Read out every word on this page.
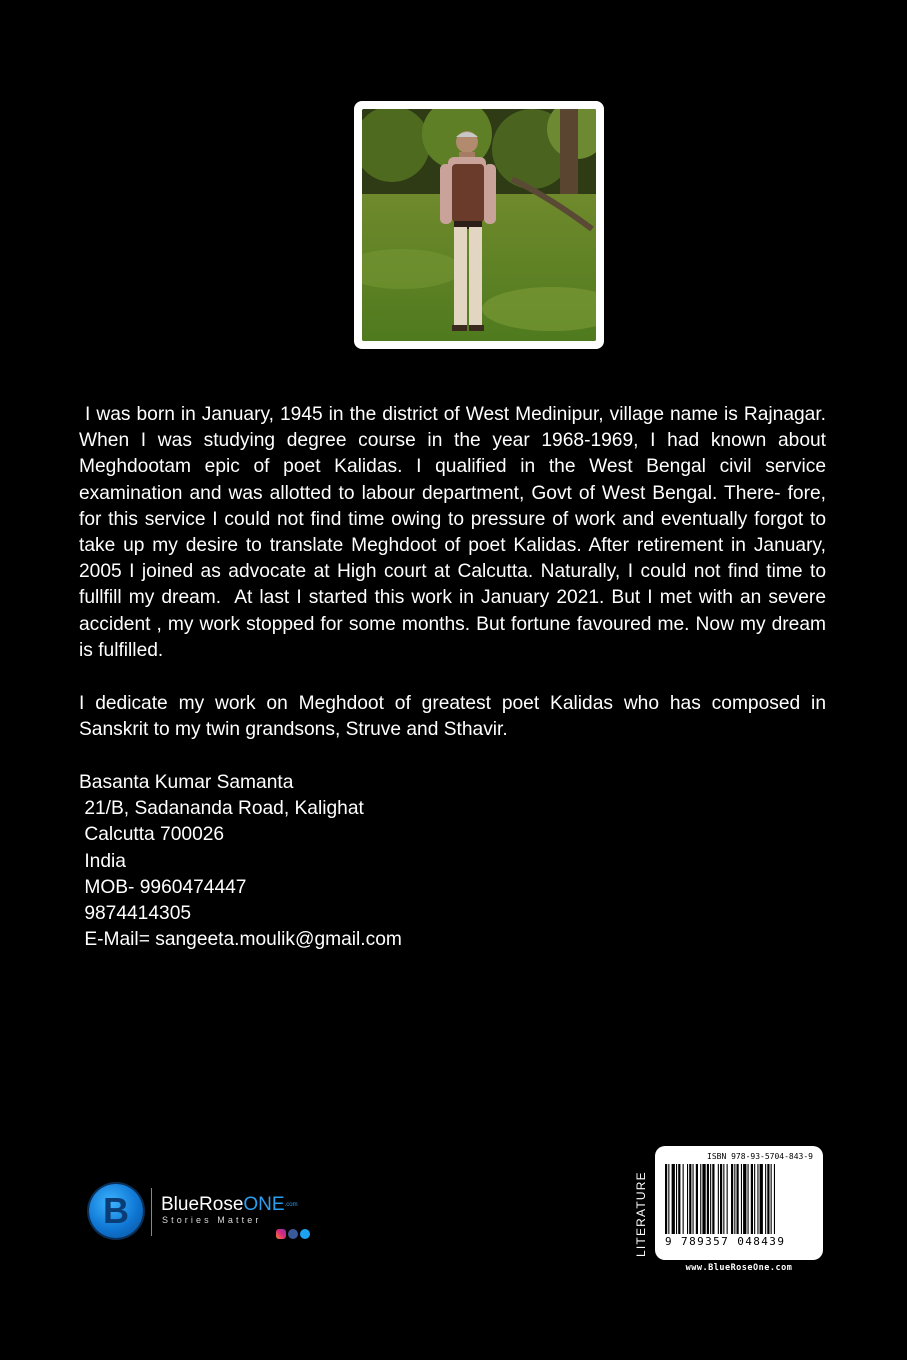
I was born in January, 1945 in the district of West Medinipur, village name is Rajnagar. When I was studying degree course in the year 1968-1969, I had known about Meghdootam epic of poet Kalidas. I qualified in the West Bengal civil service examination and was allotted to labour department, Govt of West Bengal. There- fore, for this service I could not find time owing to pressure of work and eventually forgot to take up my desire to translate Meghdoot of poet Kalidas. After retirement in January, 2005 I joined as advocate at High court at Calcutta. Naturally, I could not find time to fullfill my dream.  At last I started this work in January 2021. But I met with an severe accident , my work stopped for some months. But fortune favoured me. Now my dream is fulfilled.

I dedicate my work on Meghdoot of greatest poet Kalidas who has composed in Sanskrit to my twin grandsons, Struve and Sthavir.

Basanta Kumar Samanta
21/B, Sadananda Road, Kalighat
Calcutta 700026
India
MOB- 9960474447
9874414305
E-Mail= sangeeta.moulik@gmail.com
B	BlueRoseONE$^{.com}$
Stories Matter	LITERATURE
ISBN 978-93-5704-843-9
9 789357 048439
www.BlueRoseOne.com
